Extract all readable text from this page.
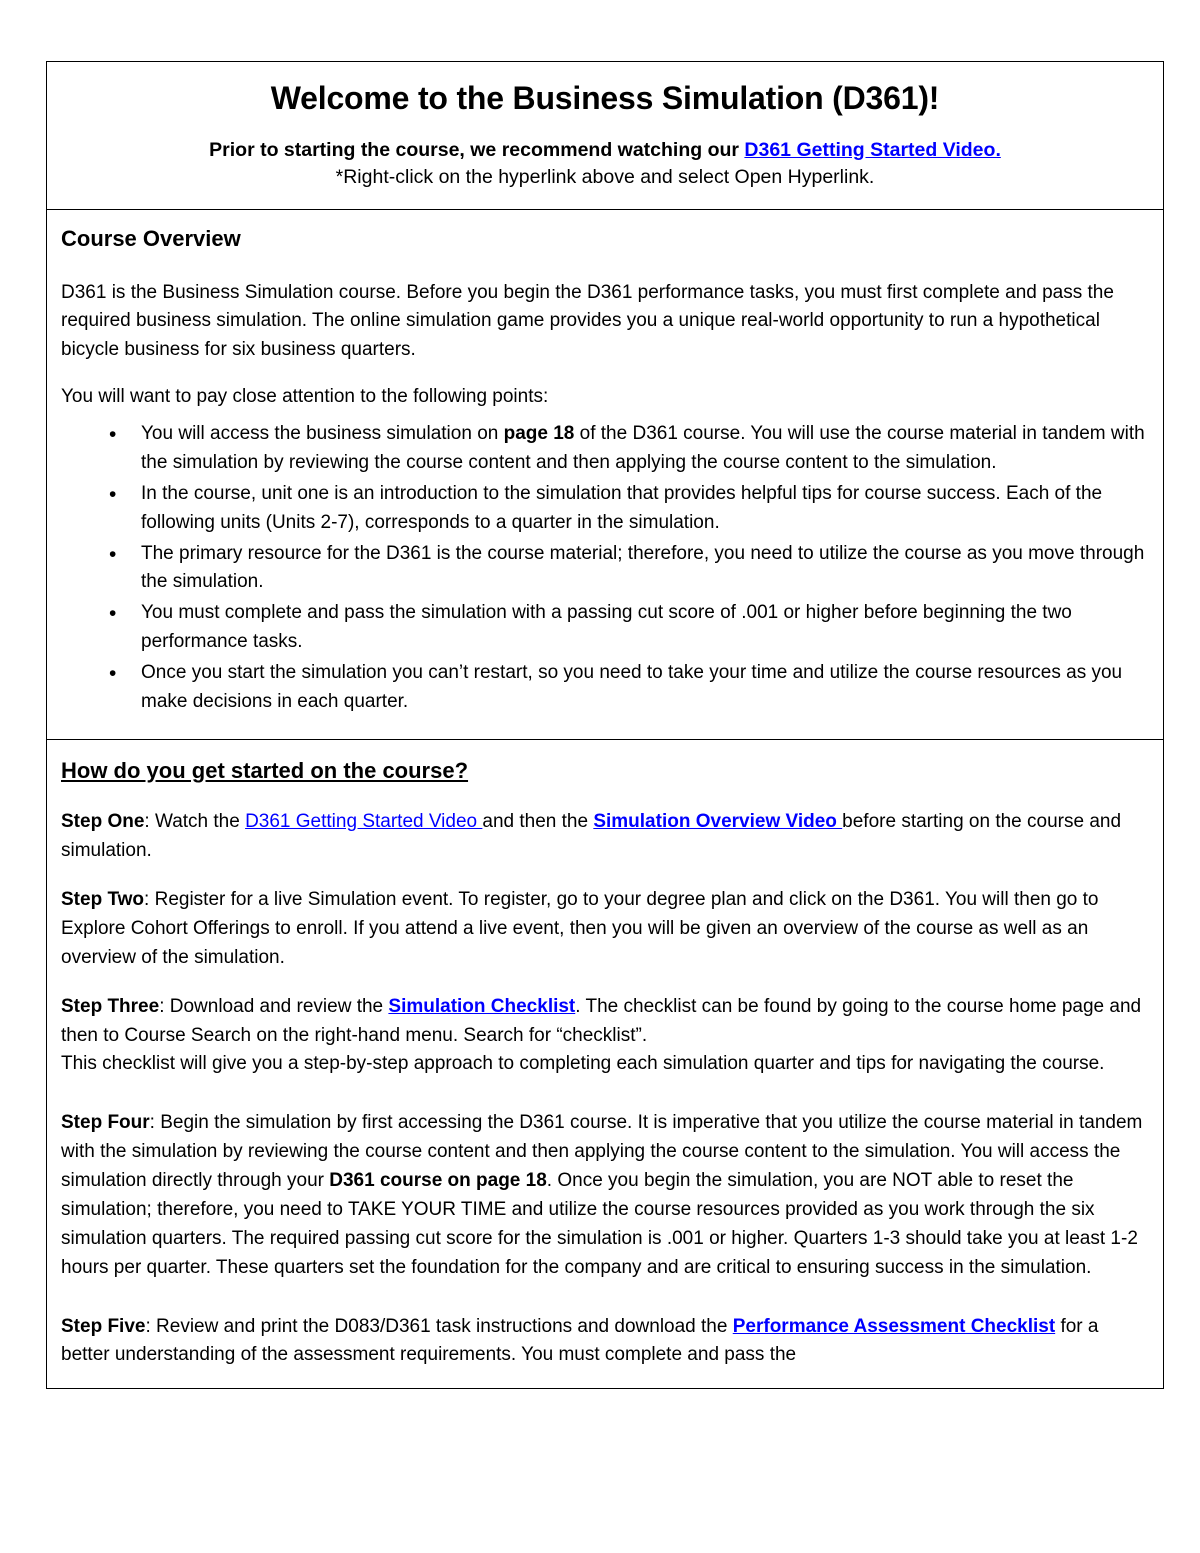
Welcome to the Business Simulation (D361)!
Prior to starting the course, we recommend watching our D361 Getting Started Video.
*Right-click on the hyperlink above and select Open Hyperlink.
Course Overview

D361 is the Business Simulation course. Before you begin the D361 performance tasks, you must first complete and pass the required business simulation. The online simulation game provides you a unique real-world opportunity to run a hypothetical bicycle business for six business quarters.

You will want to pay close attention to the following points:

• You will access the business simulation on page 18 of the D361 course. You will use the course material in tandem with the simulation by reviewing the course content and then applying the course content to the simulation.
• In the course, unit one is an introduction to the simulation that provides helpful tips for course success. Each of the following units (Units 2-7), corresponds to a quarter in the simulation.
• The primary resource for the D361 is the course material; therefore, you need to utilize the course as you move through the simulation.
• You must complete and pass the simulation with a passing cut score of .001 or higher before beginning the two performance tasks.
• Once you start the simulation you can’t restart, so you need to take your time and utilize the course resources as you make decisions in each quarter.
How do you get started on the course?

Step One: Watch the D361 Getting Started Video and then the Simulation Overview Video before starting on the course and simulation.

Step Two: Register for a live Simulation event. To register, go to your degree plan and click on the D361. You will then go to Explore Cohort Offerings to enroll. If you attend a live event, then you will be given an overview of the course as well as an overview of the simulation.

Step Three: Download and review the Simulation Checklist. The checklist can be found by going to the course home page and then to Course Search on the right-hand menu. Search for “checklist”.

This checklist will give you a step-by-step approach to completing each simulation quarter and tips for navigating the course.

Step Four: Begin the simulation by first accessing the D361 course. It is imperative that you utilize the course material in tandem with the simulation by reviewing the course content and then applying the course content to the simulation. You will access the simulation directly through your D361 course on page 18. Once you begin the simulation, you are NOT able to reset the simulation; therefore, you need to TAKE YOUR TIME and utilize the course resources provided as you work through the six simulation quarters. The required passing cut score for the simulation is .001 or higher. Quarters 1-3 should take you at least 1-2 hours per quarter. These quarters set the foundation for the company and are critical to ensuring success in the simulation.

Step Five: Review and print the D083/D361 task instructions and download the Performance Assessment Checklist for a better understanding of the assessment requirements. You must complete and pass the
